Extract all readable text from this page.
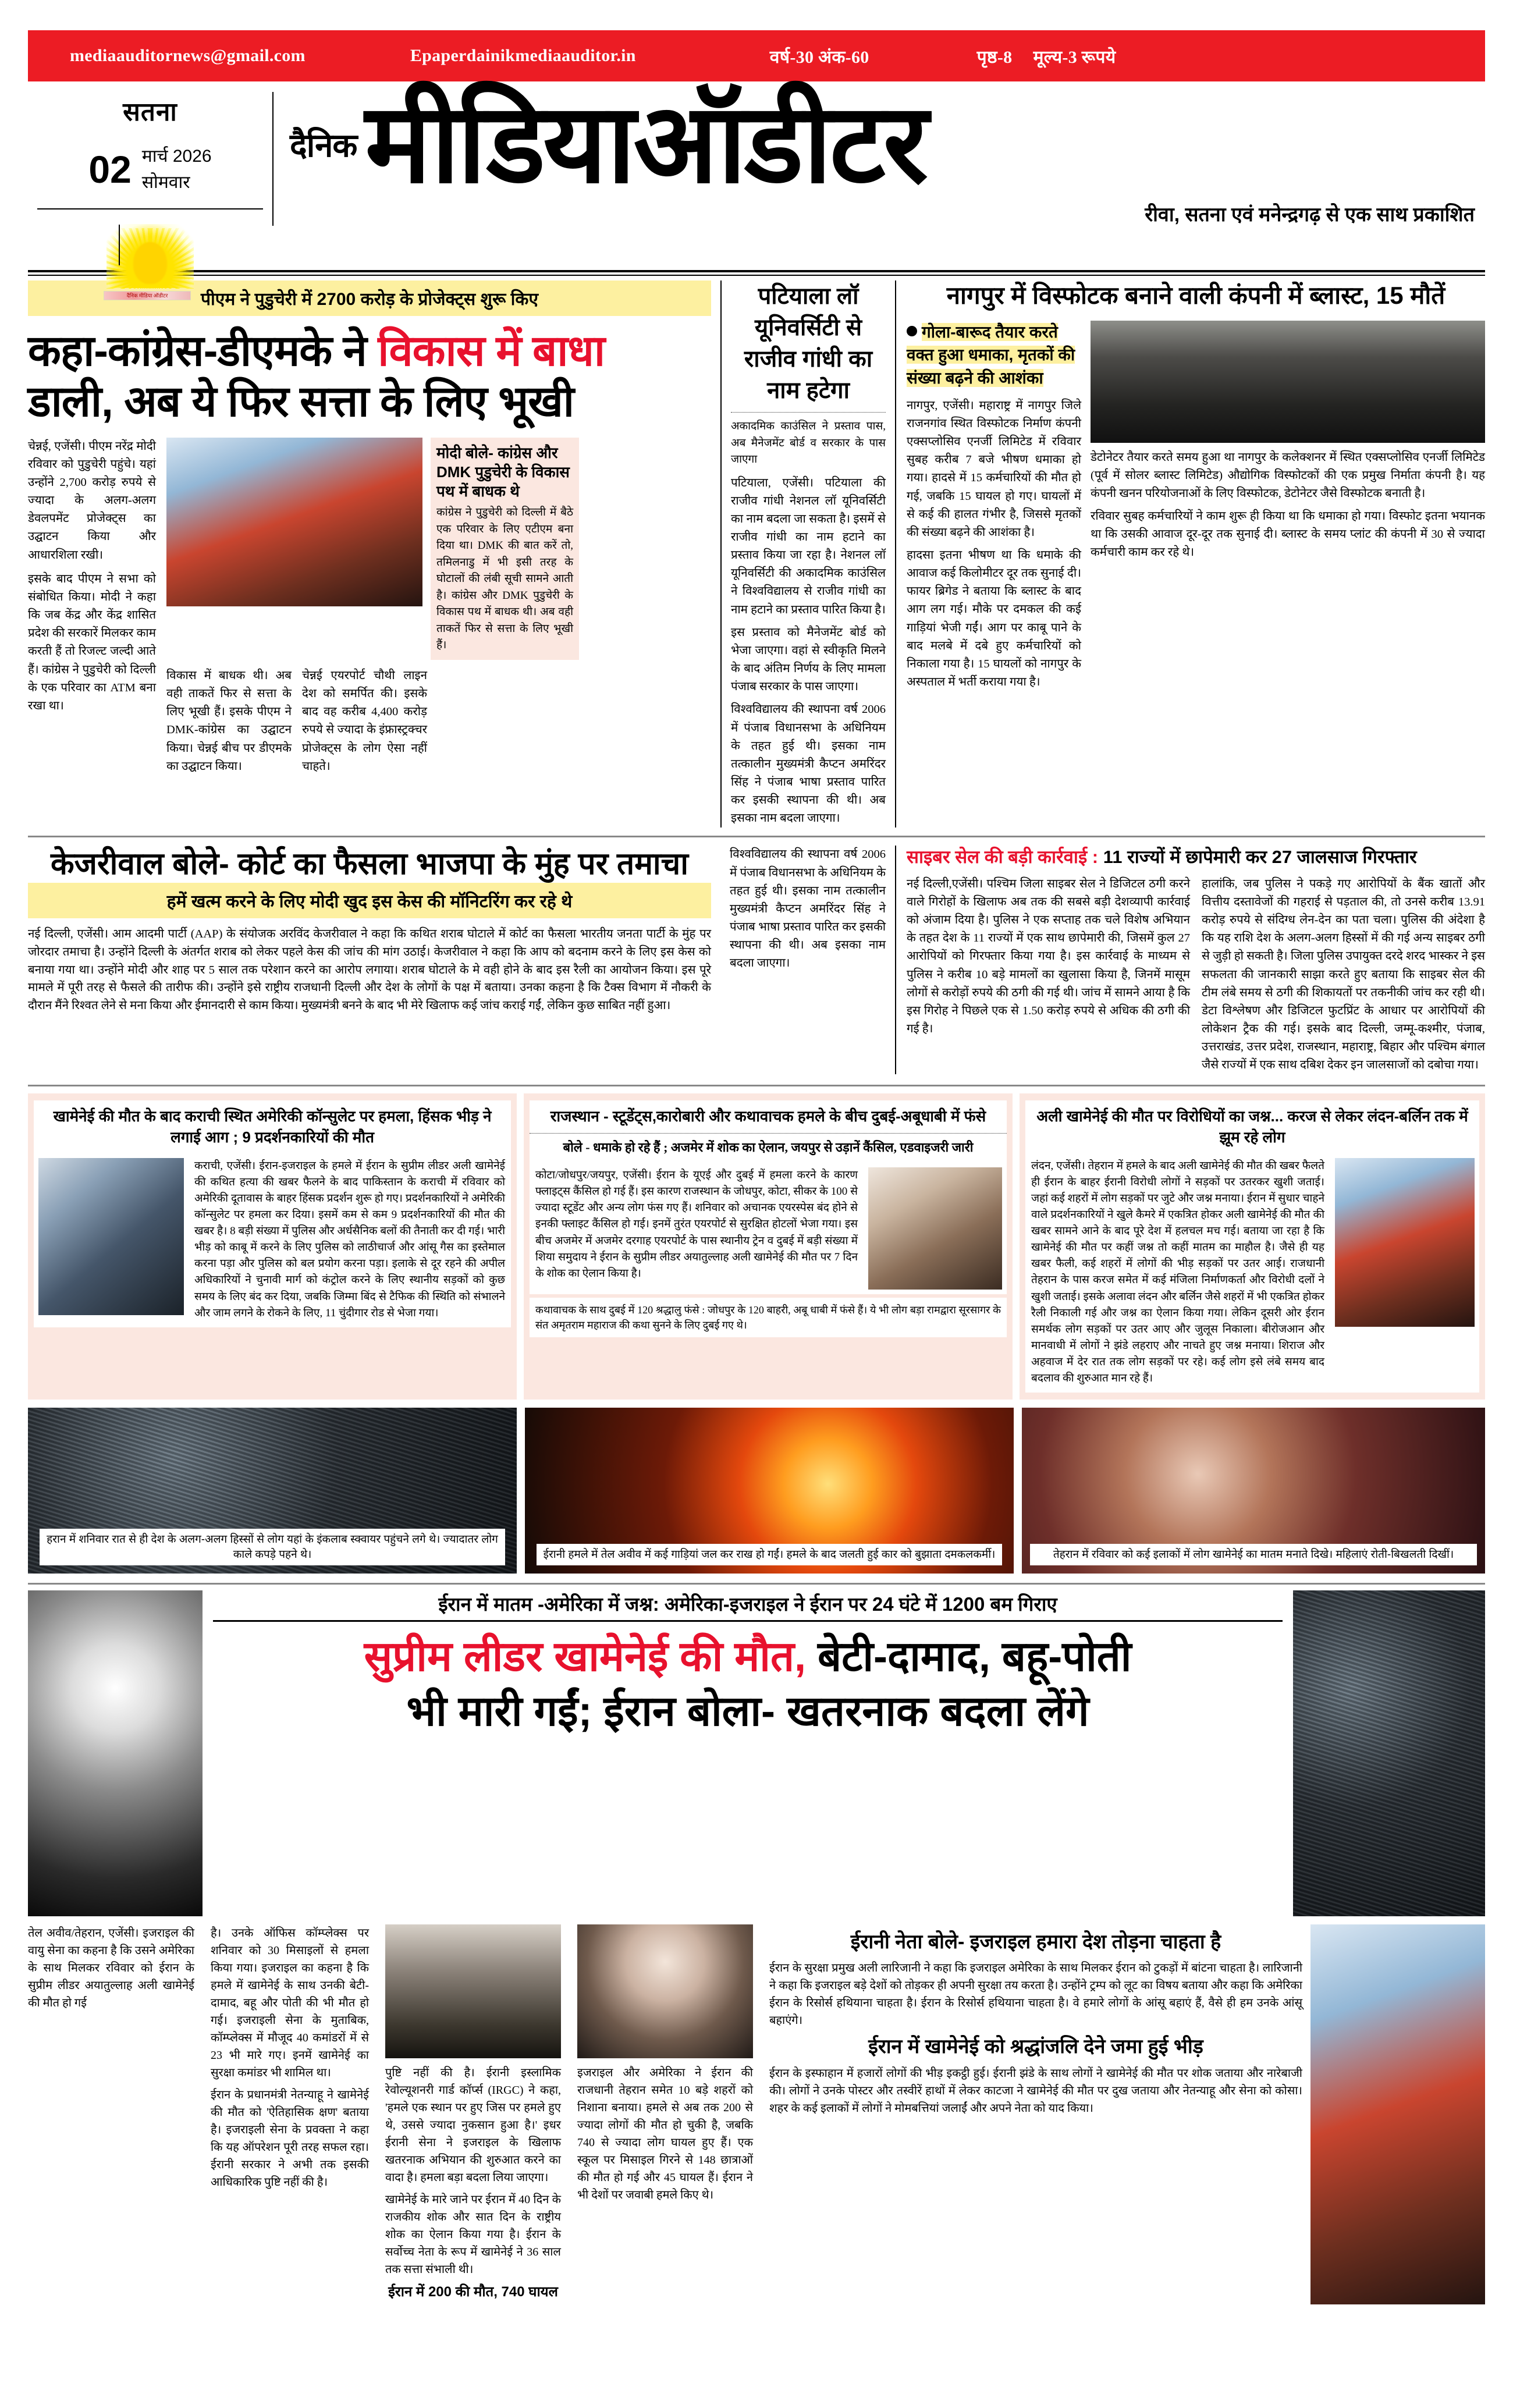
mediaauditornews@gmail.com	Epaperdainikmediaauditor.in	वर्ष-30 अंक-60	पृष्ठ-8 मूल्य-3 रूपये
सतना
02 मार्च 2026
सोमवार
दैनिक मीडिया ऑडीटर
दैनिक मीडियाऑडीटर
रीवा, सतना एवं मनेन्द्रगढ़ से एक साथ प्रकाशित
पीएम ने पुडुचेरी में 2700 करोड़ के प्रोजेक्ट्स शुरू किए
कहा-कांग्रेस-डीएमके ने विकास में बाधा
डाली, अब ये फिर सत्ता के लिए भूखी

चेन्नई, एजेंसी। पीएम नरेंद्र मोदी रविवार को पुडुचेरी पहुंचे। यहां उन्होंने 2,700 करोड़ रुपये से ज्यादा के अलग-अलग डेवलपमेंट प्रोजेक्ट्स का उद्घाटन किया और आधारशिला रखी।

इसके बाद पीएम ने सभा को संबोधित किया। मोदी ने कहा कि जब केंद्र और केंद्र शासित प्रदेश की सरकारें मिलकर काम करती हैं तो रिजल्ट जल्दी आते हैं। कांग्रेस ने पुडुचेरी को दिल्ली के एक परिवार का ATM बना रखा था।

मोदी बोले- कांग्रेस और DMK पुडुचेरी के विकास पथ में बाधक थे
कांग्रेस ने पुडुचेरी को दिल्ली में बैठे एक परिवार के लिए एटीएम बना दिया था। DMK की बात करें तो, तमिलनाडु में भी इसी तरह के घोटालों की लंबी सूची सामने आती है। कांग्रेस और DMK पुडुचेरी के विकास पथ में बाधक थी। अब वही ताकतें फिर से सत्ता के लिए भूखी हैं।

विकास में बाधक थी। अब वही ताकतें फिर से सत्ता के लिए भूखी हैं। इसके पीएम ने DMK-कांग्रेस का उद्घाटन किया। चेन्नई बीच पर डीएमके का उद्घाटन किया।

चेन्नई एयरपोर्ट चौथी लाइन देश को समर्पित की। इसके बाद वह करीब 4,400 करोड़ रुपये से ज्यादा के इंफ्रास्ट्रक्चर प्रोजेक्ट्स के लोग ऐसा नहीं चाहते।

पटियाला लॉ यूनिवर्सिटी से राजीव गांधी का नाम हटेगा
अकादमिक काउंसिल ने प्रस्ताव पास, अब मैनेजमेंट बोर्ड व सरकार के पास जाएगा

पटियाला, एजेंसी। पटियाला की राजीव गांधी नेशनल लॉ यूनिवर्सिटी का नाम बदला जा सकता है। इसमें से राजीव गांधी का नाम हटाने का प्रस्ताव किया जा रहा है। नेशनल लॉ यूनिवर्सिटी की अकादमिक काउंसिल ने विश्वविद्यालय से राजीव गांधी का नाम हटाने का प्रस्ताव पारित किया है।

इस प्रस्ताव को मैनेजमेंट बोर्ड को भेजा जाएगा। वहां से स्वीकृति मिलने के बाद अंतिम निर्णय के लिए मामला पंजाब सरकार के पास जाएगा।

विश्वविद्यालय की स्थापना वर्ष 2006 में पंजाब विधानसभा के अधिनियम के तहत हुई थी। इसका नाम तत्कालीन मुख्यमंत्री कैप्टन अमरिंदर सिंह ने पंजाब भाषा प्रस्ताव पारित कर इसकी स्थापना की थी। अब इसका नाम बदला जाएगा।

नागपुर में विस्फोटक बनाने वाली कंपनी में ब्लास्ट, 15 मौतें
गोला-बारूद तैयार करते वक्त हुआ धमाका, मृतकों की संख्या बढ़ने की आशंका

नागपुर, एजेंसी। महाराष्ट्र में नागपुर जिले राजनगांव स्थित विस्फोटक निर्माण कंपनी एक्सप्लोसिव एनर्जी लिमिटेड में रविवार सुबह करीब 7 बजे भीषण धमाका हो गया। हादसे में 15 कर्मचारियों की मौत हो गई, जबकि 15 घायल हो गए। घायलों में से कई की हालत गंभीर है, जिससे मृतकों की संख्या बढ़ने की आशंका है।

हादसा इतना भीषण था कि धमाके की आवाज कई किलोमीटर दूर तक सुनाई दी। फायर ब्रिगेड ने बताया कि ब्लास्ट के बाद आग लग गई। मौके पर दमकल की कई गाड़ियां भेजी गईं। आग पर काबू पाने के बाद मलबे में दबे हुए कर्मचारियों को निकाला गया है। 15 घायलों को नागपुर के अस्पताल में भर्ती कराया गया है।

डेटोनेटर तैयार करते समय हुआ था नागपुर के कलेक्शनर में स्थित एक्सप्लोसिव एनर्जी लिमिटेड (पूर्व में सोलर ब्लास्ट लिमिटेड) औद्योगिक विस्फोटकों की एक प्रमुख निर्माता कंपनी है। यह कंपनी खनन परियोजनाओं के लिए विस्फोटक, डेटोनेटर जैसे विस्फोटक बनाती है।

रविवार सुबह कर्मचारियों ने काम शुरू ही किया था कि धमाका हो गया। विस्फोट इतना भयानक था कि उसकी आवाज दूर-दूर तक सुनाई दी। ब्लास्ट के समय प्लांट की कंपनी में 30 से ज्यादा कर्मचारी काम कर रहे थे।

केजरीवाल बोले- कोर्ट का फैसला भाजपा के मुंह पर तमाचा
हमें खत्म करने के लिए मोदी खुद इस केस की मॉनिटरिंग कर रहे थे

नई दिल्ली, एजेंसी। आम आदमी पार्टी (AAP) के संयोजक अरविंद केजरीवाल ने कहा कि कथित शराब घोटाले में कोर्ट का फैसला भारतीय जनता पार्टी के मुंह पर जोरदार तमाचा है। उन्होंने दिल्ली के अंतर्गत शराब को लेकर पहले केस की जांच की मांग उठाई। केजरीवाल ने कहा कि आप को बदनाम करने के लिए इस केस को बनाया गया था। उन्होंने मोदी और शाह पर 5 साल तक परेशान करने का आरोप लगाया। शराब घोटाले के मे वही होने के बाद इस रैली का आयोजन किया। इस पूरे मामले में पूरी तरह से फैसले की तारीफ की। उन्होंने इसे राष्ट्रीय राजधानी दिल्ली और देश के लोगों के पक्ष में बताया। उनका कहना है कि टैक्स विभाग में नौकरी के दौरान मैंने रिश्वत लेने से मना किया और ईमानदारी से काम किया। मुख्यमंत्री बनने के बाद भी मेरे खिलाफ कई जांच कराई गईं, लेकिन कुछ साबित नहीं हुआ।

विश्वविद्यालय की स्थापना वर्ष 2006 में पंजाब विधानसभा के अधिनियम के तहत हुई थी। इसका नाम तत्कालीन मुख्यमंत्री कैप्टन अमरिंदर सिंह ने पंजाब भाषा प्रस्ताव पारित कर इसकी स्थापना की थी। अब इसका नाम बदला जाएगा।

साइबर सेल की बड़ी कार्रवाई : 11 राज्यों में छापेमारी कर 27 जालसाज गिरफ्तार

नई दिल्ली,एजेंसी। पश्चिम जिला साइबर सेल ने डिजिटल ठगी करने वाले गिरोहों के खिलाफ अब तक की सबसे बड़ी देशव्यापी कार्रवाई को अंजाम दिया है। पुलिस ने एक सप्ताह तक चले विशेष अभियान के तहत देश के 11 राज्यों में एक साथ छापेमारी की, जिसमें कुल 27 आरोपियों को गिरफ्तार किया गया है। इस कार्रवाई के माध्यम से पुलिस ने करीब 10 बड़े मामलों का खुलासा किया है, जिनमें मासूम लोगों से करोड़ों रुपये की ठगी की गई थी। जांच में सामने आया है कि इस गिरोह ने पिछले एक से 1.50 करोड़ रुपये से अधिक की ठगी की गई है।

हालांकि, जब पुलिस ने पकड़े गए आरोपियों के बैंक खातों और वित्तीय दस्तावेजों की गहराई से पड़ताल की, तो उनसे करीब 13.91 करोड़ रुपये से संदिग्ध लेन-देन का पता चला। पुलिस की अंदेशा है कि यह राशि देश के अलग-अलग हिस्सों में की गई अन्य साइबर ठगी से जुड़ी हो सकती है। जिला पुलिस उपायुक्त दरदे शरद भास्कर ने इस सफलता की जानकारी साझा करते हुए बताया कि साइबर सेल की टीम लंबे समय से ठगी की शिकायतों पर तकनीकी जांच कर रही थी। डेटा विश्लेषण और डिजिटल फुटप्रिंट के आधार पर आरोपियों की लोकेशन ट्रैक की गई। इसके बाद दिल्ली, जम्मू-कश्मीर, पंजाब, उत्तराखंड, उत्तर प्रदेश, राजस्थान, महाराष्ट्र, बिहार और पश्चिम बंगाल जैसे राज्यों में एक साथ दबिश देकर इन जालसाजों को दबोचा गया।

खामेनेई की मौत के बाद कराची स्थित अमेरिकी कॉन्सुलेट पर हमला, हिंसक भीड़ ने लगाई आग ; 9 प्रदर्शनकारियों की मौत

कराची, एजेंसी। ईरान-इजराइल के हमले में ईरान के सुप्रीम लीडर अली खामेनेई की कथित हत्या की खबर फैलने के बाद पाकिस्तान के कराची में रविवार को अमेरिकी दूतावास के बाहर हिंसक प्रदर्शन शुरू हो गए। प्रदर्शनकारियों ने अमेरिकी कॉन्सुलेट पर हमला कर दिया। इसमें कम से कम 9 प्रदर्शनकारियों की मौत की खबर है। 8 बड़ी संख्या में पुलिस और अर्धसैनिक बलों की तैनाती कर दी गई। भारी भीड़ को काबू में करने के लिए पुलिस को लाठीचार्ज और आंसू गैस का इस्तेमाल करना पड़ा और पुलिस को बल प्रयोग करना पड़ा। इलाके से दूर रहने की अपील अधिकारियों ने चुनावी मार्ग को कंट्रोल करने के लिए स्थानीय सड़कों को कुछ समय के लिए बंद कर दिया, जबकि जिम्मा बिंद से टैफिक की स्थिति को संभालने और जाम लगने के रोकने के लिए, 11 चुंदीगार रोड से भेजा गया।

राजस्थान - स्टूडेंट्स,कारोबारी और कथावाचक हमले के बीच दुबई-अबूधाबी में फंसे
बोले - धमाके हो रहे हैं ; अजमेर में शोक का ऐलान, जयपुर से उड़ानें कैंसिल, एडवाइजरी जारी

कोटा/जोधपुर/जयपुर, एजेंसी। ईरान के यूएई और दुबई में हमला करने के कारण फ्लाइट्स कैंसिल हो गई हैं। इस कारण राजस्थान के जोधपुर, कोटा, सीकर के 100 से ज्यादा स्टूडेंट और अन्य लोग फंस गए हैं। शनिवार को अचानक एयरस्पेस बंद होने से इनकी फ्लाइट कैंसिल हो गई। इनमें तुरंत एयरपोर्ट से सुरक्षित होटलों भेजा गया। इस बीच अजमेर में अजमेर दरगाह एयरपोर्ट के पास स्थानीय ट्रेन व दुबई में बड़ी संख्या में शिया समुदाय ने ईरान के सुप्रीम लीडर अयातुल्लाह अली खामेनेई की मौत पर 7 दिन के शोक का ऐलान किया है।

कथावाचक के साथ दुबई में 120 श्रद्धालु फंसे : जोधपुर के 120 बाहरी, अबू धाबी में फंसे हैं। ये भी लोग बड़ा रामद्वारा सूरसागर के संत अमृतराम महाराज की कथा सुनने के लिए दुबई गए थे।
अली खामेनेई की मौत पर विरोधियों का जश्न... करज से लेकर लंदन-बर्लिन तक में झूम रहे लोग

लंदन, एजेंसी। तेहरान में हमले के बाद अली खामेनेई की मौत की खबर फैलते ही ईरान के बाहर ईरानी विरोधी लोगों ने सड़कों पर उतरकर खुशी जताई। जहां कई शहरों में लोग सड़कों पर जुटे और जश्न मनाया। ईरान में सुधार चाहने वाले प्रदर्शनकारियों ने खुले कैमरे में एकत्रित होकर अली खामेनेई की मौत की खबर सामने आने के बाद पूरे देश में हलचल मच गई। बताया जा रहा है कि खामेनेई की मौत पर कहीं जश्न तो कहीं मातम का माहौल है। जैसे ही यह खबर फैली, कई शहरों में लोगों की भीड़ सड़कों पर उतर आई। राजधानी तेहरान के पास करज समेत में कई मंजिला निर्माणकर्ता और विरोधी दलों ने खुशी जताई। इसके अलावा लंदन और बर्लिन जैसे शहरों में भी एकत्रित होकर रैली निकाली गई और जश्न का ऐलान किया गया। लेकिन दूसरी ओर ईरान समर्थक लोग सड़कों पर उतर आए और जुलूस निकाला। बीरोजआन और मानवाधी में लोगों ने झंडे लहराए और नाचते हुए जश्न मनाया। शिराज और अहवाज में देर रात तक लोग सड़कों पर रहे। कई लोग इसे लंबे समय बाद बदलाव की शुरुआत मान रहे हैं।

हरान में शनिवार रात से ही देश के अलग-अलग हिस्सों से लोग यहां के इंकलाब स्क्वायर पहुंचने लगे थे। ज्यादातर लोग काले कपड़े पहने थे।	ईरानी हमले में तेल अवीव में कई गाड़ियां जल कर राख हो गईं। हमले के बाद जलती हुई कार को बुझाता दमकलकर्मी।	तेहरान में रविवार को कई इलाकों में लोग खामेनेई का मातम मनाते दिखे। महिलाएं रोती-बिखलती दिखीं।
ईरान में मातम -अमेरिका में जश्न: अमेरिका-इजराइल ने ईरान पर 24 घंटे में 1200 बम गिराए
सुप्रीम लीडर खामेनेई की मौत, बेटी-दामाद, बहू-पोती
भी मारी गईं; ईरान बोला- खतरनाक बदला लेंगे

तेल अवीव/तेहरान, एजेंसी। इजराइल की वायु सेना का कहना है कि उसने अमेरिका के साथ मिलकर रविवार को ईरान के सुप्रीम लीडर अयातुल्लाह अली खामेनेई की मौत हो गई

है। उनके ऑफिस कॉम्प्लेक्स पर शनिवार को 30 मिसाइलों से हमला किया गया। इजराइल का कहना है कि हमले में खामेनेई के साथ उनकी बेटी-दामाद, बहू और पोती की भी मौत हो गई। इजराइली सेना के मुताबिक, कॉम्प्लेक्स में मौजूद 40 कमांडरों में से 23 भी मारे गए। इनमें खामेनेई का सुरक्षा कमांडर भी शामिल था।

ईरान के प्रधानमंत्री नेतन्याहू ने खामेनेई की मौत को 'ऐतिहासिक क्षण' बताया है। इजराइली सेना के प्रवक्ता ने कहा कि यह ऑपरेशन पूरी तरह सफल रहा। ईरानी सरकार ने अभी तक इसकी आधिकारिक पुष्टि नहीं की है।

पुष्टि नहीं की है। ईरानी इस्लामिक रेवोल्यूशनरी गार्ड कॉर्प्स (IRGC) ने कहा, 'हमले एक स्थान पर हुए जिस पर हमले हुए थे, उससे ज्यादा नुकसान हुआ है।' इधर ईरानी सेना ने इजराइल के खिलाफ खतरनाक अभियान की शुरुआत करने का वादा है। हमला बड़ा बदला लिया जाएगा।

खामेनेई के मारे जाने पर ईरान में 40 दिन के राजकीय शोक और सात दिन के राष्ट्रीय शोक का ऐलान किया गया है। ईरान के सर्वोच्च नेता के रूप में खामेनेई ने 36 साल तक सत्ता संभाली थी।

ईरान में 200 की मौत, 740 घायल

इजराइल और अमेरिका ने ईरान की राजधानी तेहरान समेत 10 बड़े शहरों को निशाना बनाया। हमले से अब तक 200 से ज्यादा लोगों की मौत हो चुकी है, जबकि 740 से ज्यादा लोग घायल हुए हैं। एक स्कूल पर मिसाइल गिरने से 148 छात्राओं की मौत हो गई और 45 घायल हैं। ईरान ने भी देशों पर जवाबी हमले किए थे।

ईरानी नेता बोले- इजराइल हमारा देश तोड़ना चाहता है

ईरान के सुरक्षा प्रमुख अली लारिजानी ने कहा कि इजराइल अमेरिका के साथ मिलकर ईरान को टुकड़ों में बांटना चाहता है। लारिजानी ने कहा कि इजराइल बड़े देशों को तोड़कर ही अपनी सुरक्षा तय करता है। उन्होंने ट्रम्प को लूट का विषय बताया और कहा कि अमेरिका ईरान के रिसोर्स हथियाना चाहता है। ईरान के रिसोर्स हथियाना चाहता है। वे हमारे लोगों के आंसू बहाएं हैं, वैसे ही हम उनके आंसू बहाएंगे।

ईरान में खामेनेई को श्रद्धांजलि देने जमा हुई भीड़

ईरान के इस्फाहान में हजारों लोगों की भीड़ इकट्ठी हुई। ईरानी झंडे के साथ लोगों ने खामेनेई की मौत पर शोक जताया और नारेबाजी की। लोगों ने उनके पोस्टर और तस्वीरें हाथों में लेकर काटजा ने खामेनेई की मौत पर दुख जताया और नेतन्याहू और सेना को कोसा। शहर के कई इलाकों में लोगों ने मोमबत्तियां जलाईं और अपने नेता को याद किया।
